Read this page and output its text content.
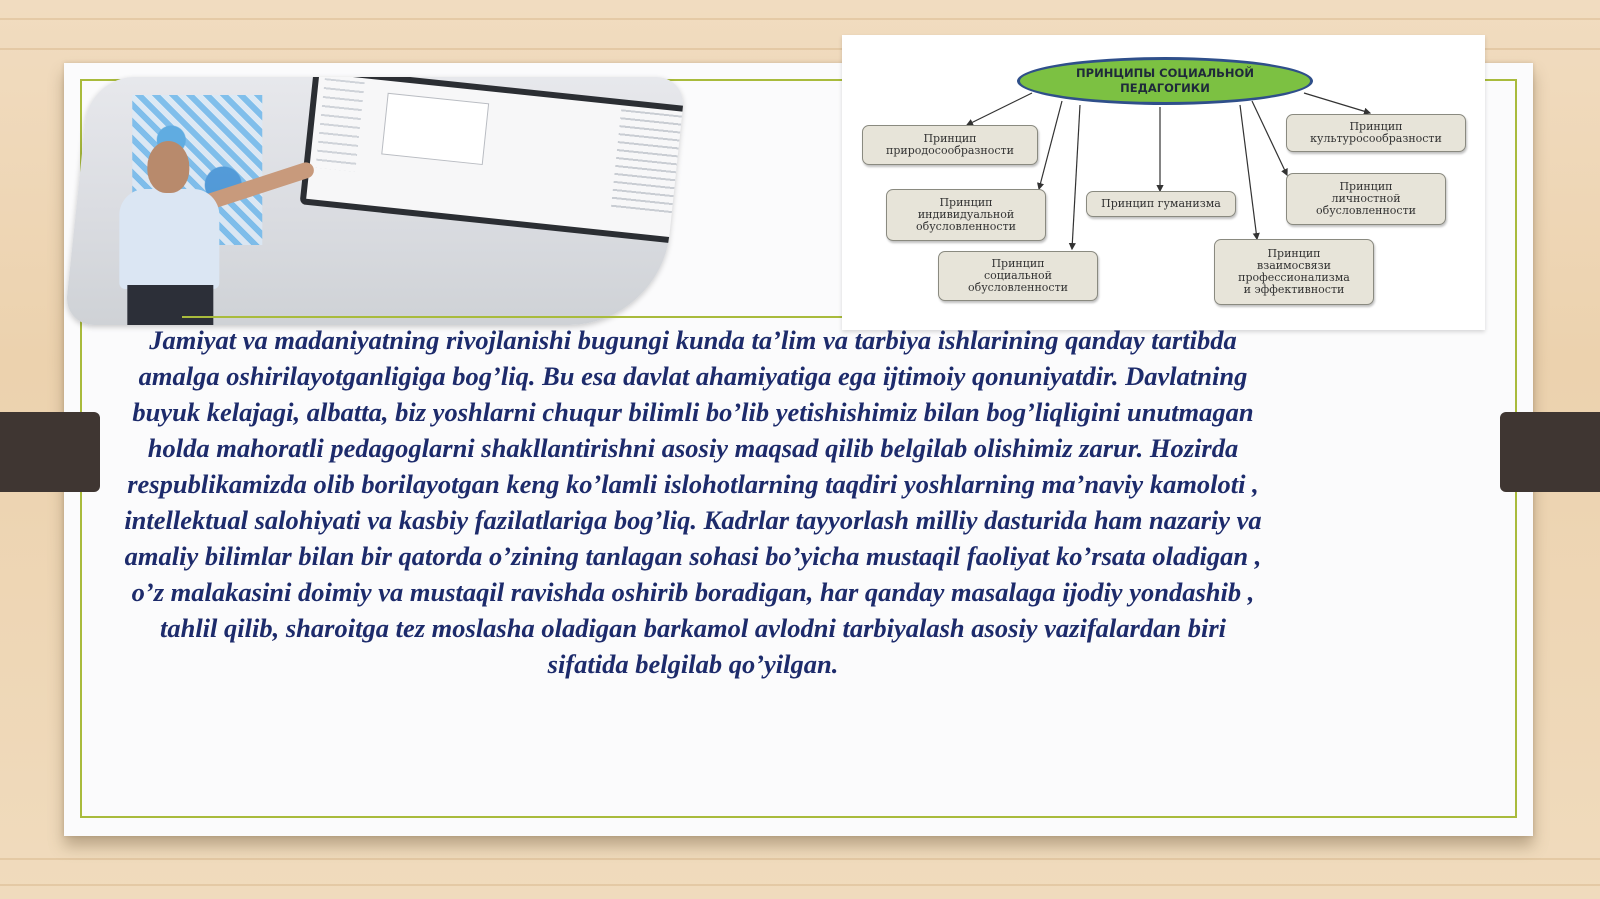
ПРИНЦИПЫ СОЦИАЛЬНОЙ
ПЕДАГОГИКИ
Принцип
природосообразности
Принцип
культуросообразности
Принцип
индивидуальной
обусловленности
Принцип гуманизма
Принцип
личностной
обусловленности
Принцип
социальной
обусловленности
Принцип
взаимосвязи
профессионализма
и эффективности
Jamiyat va madaniyatning rivojlanishi bugungi kunda ta’lim va tarbiya ishlarining qanday tartibda amalga oshirilayotganligiga bog’liq. Bu esa davlat ahamiyatiga ega ijtimoiy qonuniyatdir. Davlatning buyuk kelajagi, albatta, biz yoshlarni chuqur bilimli bo’lib yetishishimiz bilan bog’liqligini unutmagan holda mahoratli pedagoglarni shakllantirishni asosiy maqsad qilib belgilab olishimiz zarur. Hozirda respublikamizda olib borilayotgan keng ko’lamli islohotlarning taqdiri yoshlarning ma’naviy kamoloti , intellektual salohiyati va kasbiy fazilatlariga bog’liq. Kadrlar tayyorlash milliy dasturida ham nazariy va amaliy bilimlar bilan bir qatorda o’zining tanlagan sohasi bo’yicha mustaqil faoliyat ko’rsata oladigan , o’z malakasini doimiy va mustaqil ravishda oshirib boradigan, har qanday masalaga ijodiy yondashib , tahlil qilib, sharoitga tez moslasha oladigan barkamol avlodni tarbiyalash asosiy vazifalardan biri sifatida belgilab qo’yilgan.
